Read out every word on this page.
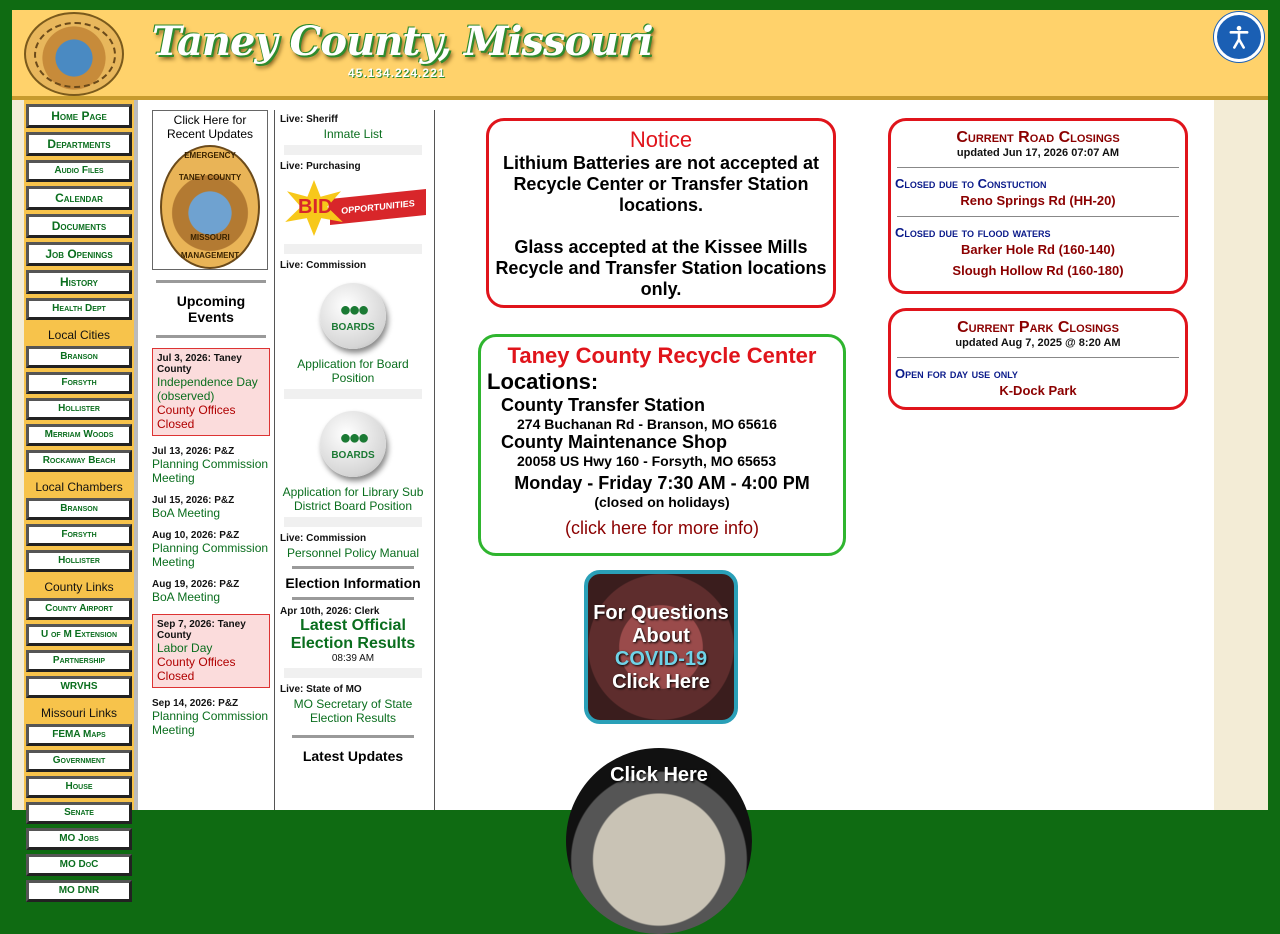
Taney County, Missouri
45.134.224.221
Home Page
Departments
Audio Files
Calendar
Documents
Job Openings
History
Health Dept
Local Cities
Branson
Forsyth
Hollister
Merriam Woods
Rockaway Beach
Local Chambers
Branson
Forsyth
Hollister
County Links
County Airport
U of M Extension
Partnership
WRVHS
Missouri Links
FEMA Maps
Government
House
Senate
MO Jobs
MO DoC
MO DNR
Click Here for Recent Updates
EMERGENCY
TANEY COUNTY
MISSOURI
MANAGEMENT
Upcoming Events
Jul 3, 2026: Taney County
Independence Day (observed)
County Offices Closed
Jul 13, 2026: P&Z
Planning Commission Meeting
Jul 15, 2026: P&Z
BoA Meeting
Aug 10, 2026: P&Z
Planning Commission Meeting
Aug 19, 2026: P&Z
BoA Meeting
Sep 7, 2026: Taney County
Labor Day
County Offices Closed
Sep 14, 2026: P&Z
Planning Commission Meeting
Live: Sheriff
Inmate List
Live: Purchasing
OPPORTUNITIES
BID
Live: Commission
●●●
BOARDS
Application for Board Position
●●●
BOARDS
Application for Library Sub District Board Position
Live: Commission
Personnel Policy Manual
Election Information
Apr 10th, 2026: Clerk
Latest Official Election Results
08:39 AM
Live: State of MO
MO Secretary of State Election Results
Latest Updates
Notice
Lithium Batteries are not accepted at Recycle Center or Transfer Station locations.
Glass accepted at the Kissee Mills Recycle and Transfer Station locations only.
Taney County Recycle Center
Locations:
County Transfer Station
274 Buchanan Rd - Branson, MO 65616
County Maintenance Shop
20058 US Hwy 160 - Forsyth, MO 65653
Monday - Friday 7:30 AM - 4:00 PM
(closed on holidays)
(click here for more info)
For Questions
About
COVID-19
Click Here
Click Here
Current Road Closings
updated Jun 17, 2026 07:07 AM
Closed due to Constuction
Reno Springs Rd (HH-20)
Closed due to flood waters
Barker Hole Rd (160-140)
Slough Hollow Rd (160-180)
Current Park Closings
updated Aug 7, 2025 @ 8:20 AM
Open for day use only
K-Dock Park
